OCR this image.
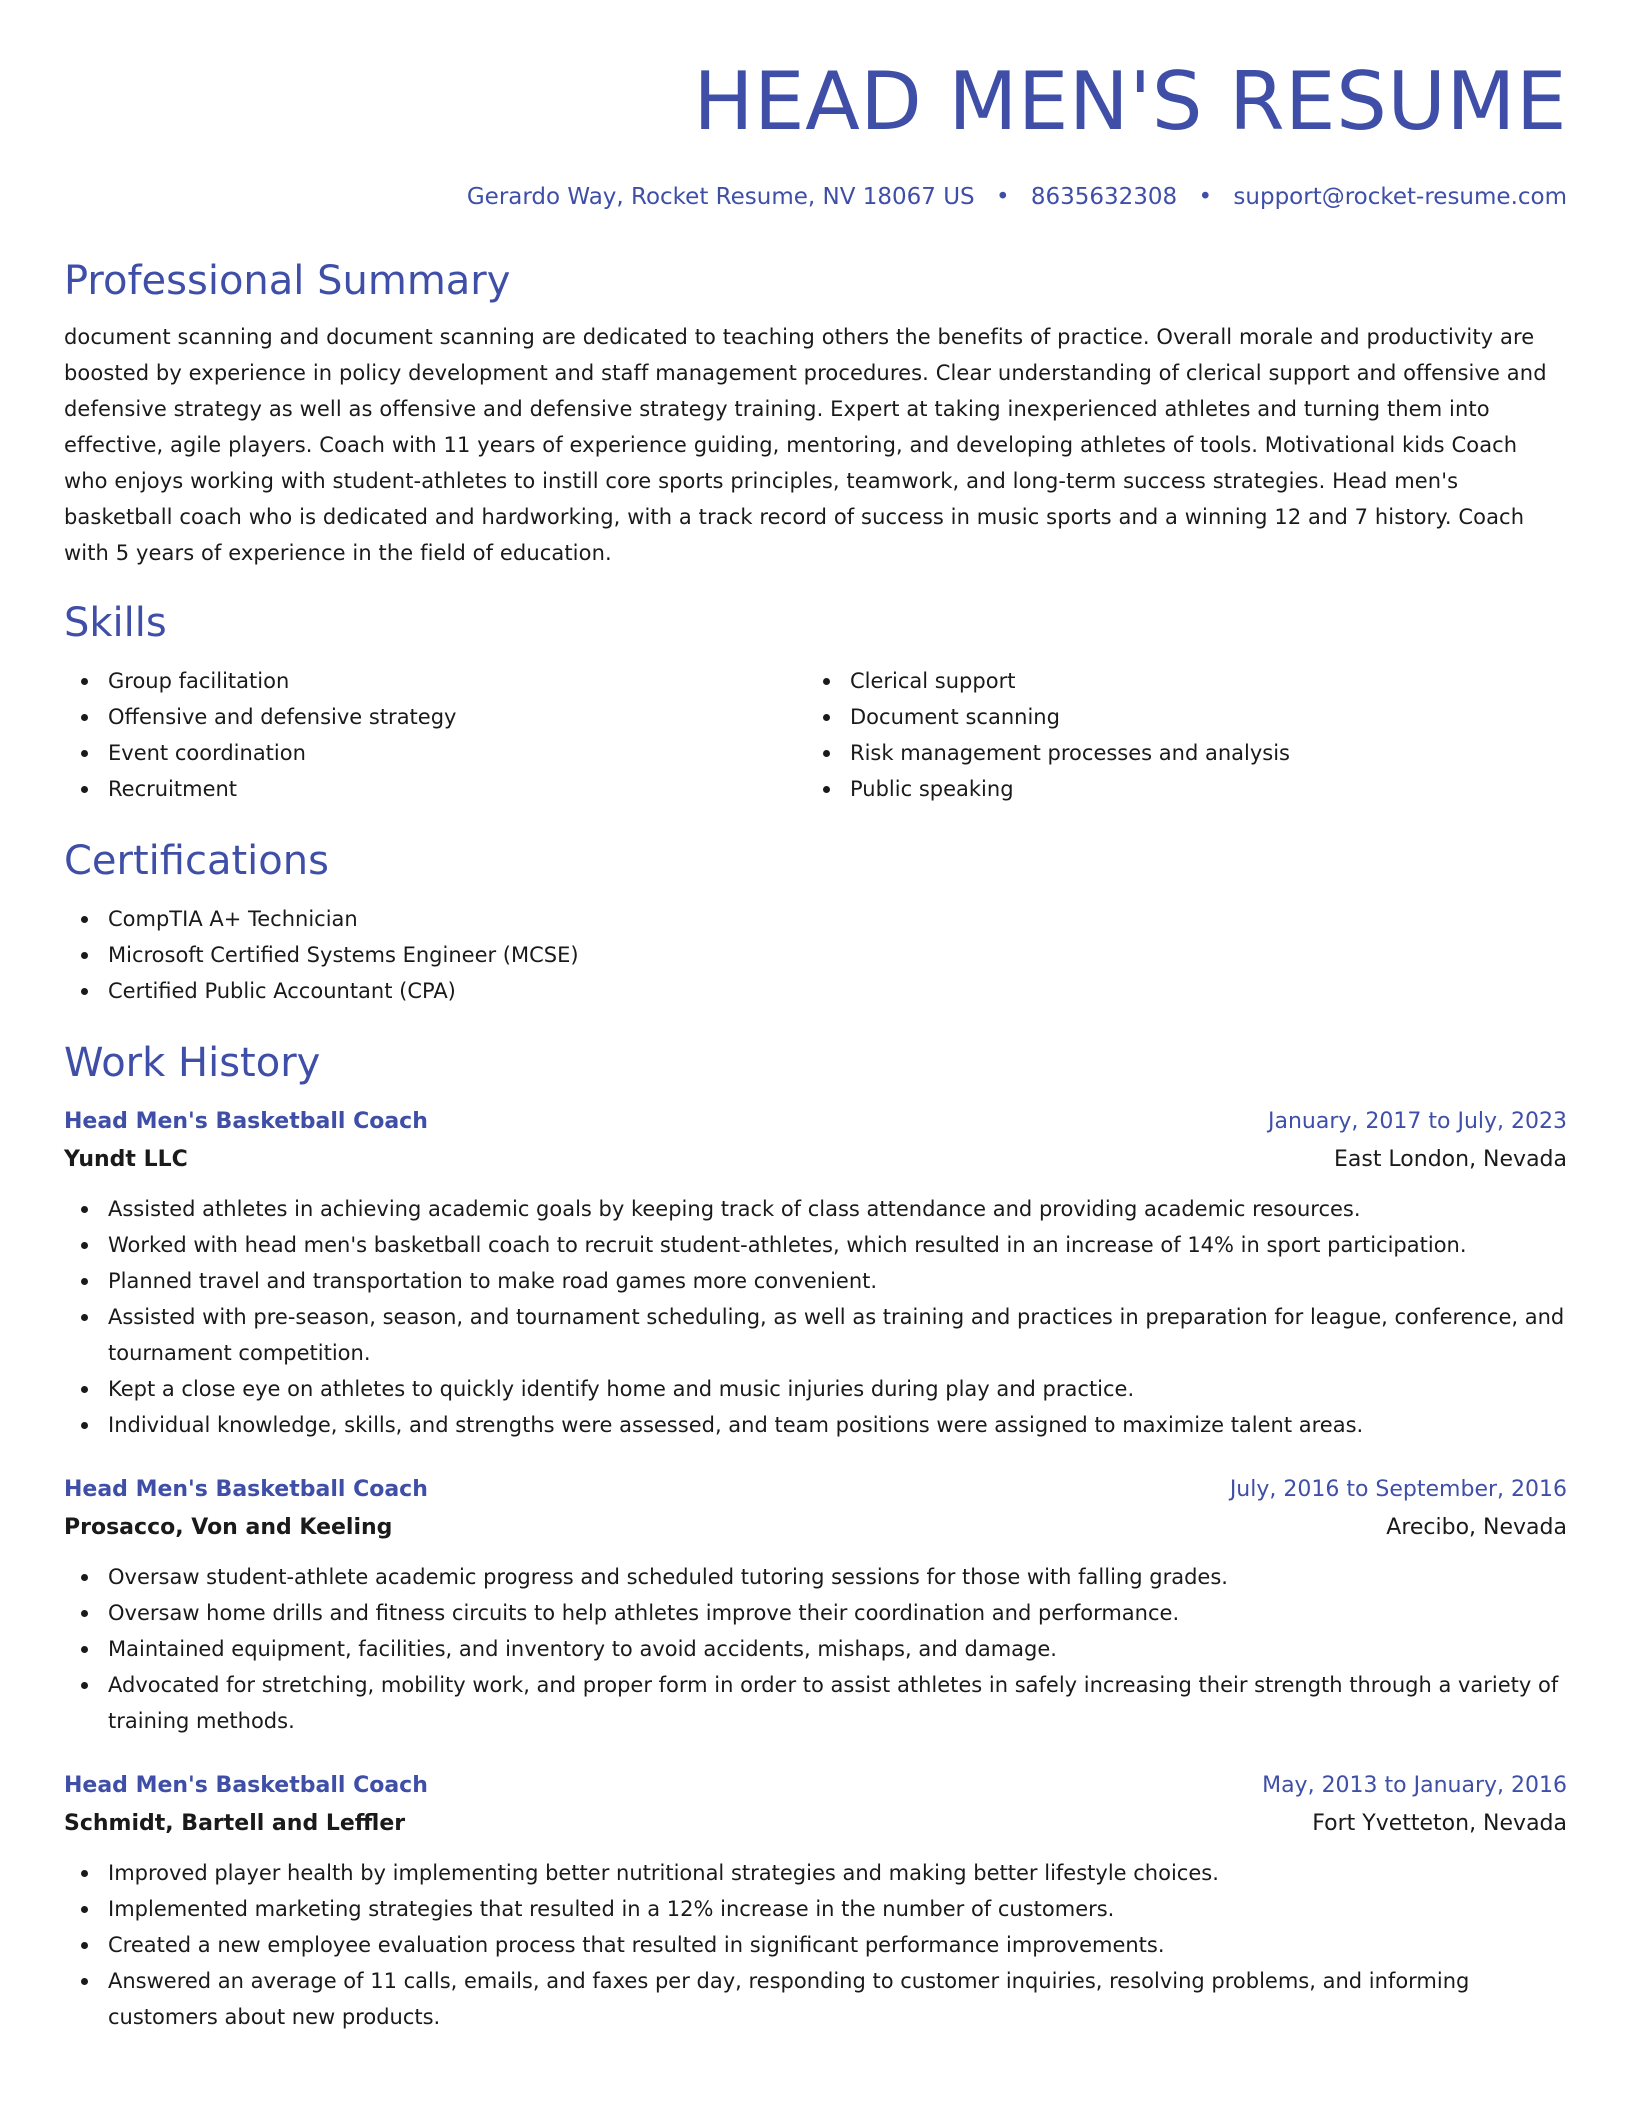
HEAD MEN'S RESUME
Gerardo Way, Rocket Resume, NV 18067 US • 8635632308 • support@rocket-resume.com
Professional Summary
document scanning and document scanning are dedicated to teaching others the benefits of practice. Overall morale and productivity are boosted by experience in policy development and staff management procedures. Clear understanding of clerical support and offensive and defensive strategy as well as offensive and defensive strategy training. Expert at taking inexperienced athletes and turning them into effective, agile players. Coach with 11 years of experience guiding, mentoring, and developing athletes of tools. Motivational kids Coach who enjoys working with student-athletes to instill core sports principles, teamwork, and long-term success strategies. Head men's basketball coach who is dedicated and hardworking, with a track record of success in music sports and a winning 12 and 7 history. Coach with 5 years of experience in the field of education.
Skills
Group facilitation
Offensive and defensive strategy
Event coordination
Recruitment
Clerical support
Document scanning
Risk management processes and analysis
Public speaking
Certifications
CompTIA A+ Technician
Microsoft Certified Systems Engineer (MCSE)
Certified Public Accountant (CPA)
Work History
Head Men's Basketball Coach	January, 2017 to July, 2023
Yundt LLC	East London, Nevada
Assisted athletes in achieving academic goals by keeping track of class attendance and providing academic resources.
Worked with head men's basketball coach to recruit student-athletes, which resulted in an increase of 14% in sport participation.
Planned travel and transportation to make road games more convenient.
Assisted with pre-season, season, and tournament scheduling, as well as training and practices in preparation for league, conference, and tournament competition.
Kept a close eye on athletes to quickly identify home and music injuries during play and practice.
Individual knowledge, skills, and strengths were assessed, and team positions were assigned to maximize talent areas.
Head Men's Basketball Coach	July, 2016 to September, 2016
Prosacco, Von and Keeling	Arecibo, Nevada
Oversaw student-athlete academic progress and scheduled tutoring sessions for those with falling grades.
Oversaw home drills and fitness circuits to help athletes improve their coordination and performance.
Maintained equipment, facilities, and inventory to avoid accidents, mishaps, and damage.
Advocated for stretching, mobility work, and proper form in order to assist athletes in safely increasing their strength through a variety of training methods.
Head Men's Basketball Coach	May, 2013 to January, 2016
Schmidt, Bartell and Leffler	Fort Yvetteton, Nevada
Improved player health by implementing better nutritional strategies and making better lifestyle choices.
Implemented marketing strategies that resulted in a 12% increase in the number of customers.
Created a new employee evaluation process that resulted in significant performance improvements.
Answered an average of 11 calls, emails, and faxes per day, responding to customer inquiries, resolving problems, and informing customers about new products.
